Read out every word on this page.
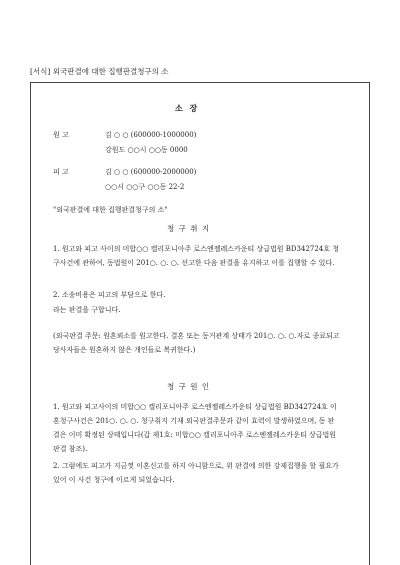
[서식] 외국판결에 대한 집행판결청구의 소
소 장
원 고	김 ○ ○ (600000-1000000)
강원도 ○○시 ○○동 0000
피 고	김 ○ ○ (600000-2000000)
○○시 ○○구 ○○동 22-2
"외국판결에 대한 집행판결청구의 소"
청 구 취 지
1. 원고와 피고 사이의 미합○○ 캘리포니아주 로스엔젤레스카운티 상급법원 BD342724호 청구사건에 관하여, 동법원이 201○. ○. ○. 선고한 다음 판결을 유지하고 이를 집행할 수 있다.
2. 소송비용은 피고의 부담으로 한다.
라는 판결을 구합니다.
(외국판결 주문: 원혼뢰소를 원고한다. 결혼 또는 동거관계 상태가 201○. ○. ○.자로 종료되고 당사자들은 원혼하지 않은 개인들로 복귀한다.)
청 구 원 인
1. 원고와 피고사이의 미합○○ 캘리포니아주 로스엔젤레스카운티 상급법원 BD342724호 이혼청구사건은 201○. ○. ○. 청구취지 기재 외국판결주문과 같이 효력이 발생하였으며, 동 판결은 이미 확정된 상태입니다(갑 제1호: 미합○○ 캘리포니아주 로스엔젤레스카운티 상급법원 판결 참조).
2. 그럼에도 피고가 지금껏 이혼신고를 하지 아니함으로, 위 판결에 의한 강제집행을 할 필요가 있어 이 사건 청구에 이르게 되었습니다.
